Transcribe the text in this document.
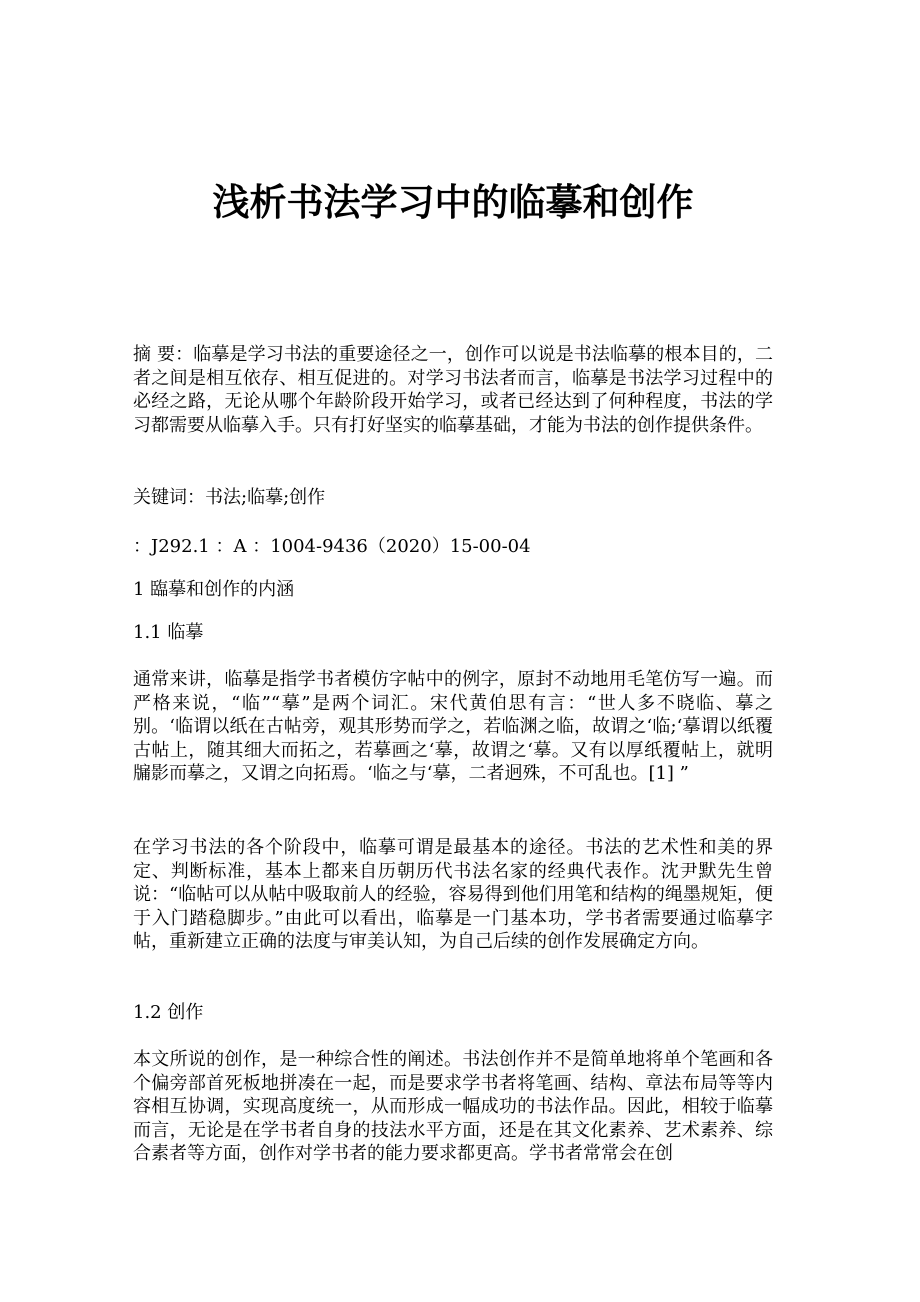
浅析书法学习中的临摹和创作

摘 要：临摹是学习书法的重要途径之一，创作可以说是书法临摹的根本目的，二者之间是相互依存、相互促进的。对学习书法者而言，临摹是书法学习过程中的必经之路，无论从哪个年龄阶段开始学习，或者已经达到了何种程度，书法的学习都需要从临摹入手。只有打好坚实的临摹基础，才能为书法的创作提供条件。

关键词：书法;临摹;创作

：J292.1 ：A ：1004-9436（2020）15-00-04

1 臨摹和创作的内涵

1.1 临摹

通常来讲，临摹是指学书者模仿字帖中的例字，原封不动地用毛笔仿写一遍。而严格来说，“临”“摹”是两个词汇。宋代黄伯思有言：“世人多不晓临、摹之别。‘临谓以纸在古帖旁，观其形势而学之，若临渊之临，故谓之‘临;‘摹谓以纸覆古帖上，随其细大而拓之，若摹画之‘摹，故谓之‘摹。又有以厚纸覆帖上，就明牖影而摹之，又谓之向拓焉。‘临之与‘摹，二者迥殊，不可乱也。[1] ”

在学习书法的各个阶段中，临摹可谓是最基本的途径。书法的艺术性和美的界定、判断标准，基本上都来自历朝历代书法名家的经典代表作。沈尹默先生曾说：“临帖可以从帖中吸取前人的经验，容易得到他们用笔和结构的绳墨规矩，便于入门踏稳脚步。”由此可以看出，临摹是一门基本功，学书者需要通过临摹字帖，重新建立正确的法度与审美认知，为自己后续的创作发展确定方向。

1.2 创作

本文所说的创作，是一种综合性的阐述。书法创作并不是简单地将单个笔画和各个偏旁部首死板地拼凑在一起，而是要求学书者将笔画、结构、章法布局等等内容相互协调，实现高度统一，从而形成一幅成功的书法作品。因此，相较于临摹而言，无论是在学书者自身的技法水平方面，还是在其文化素养、艺术素养、综合素者等方面，创作对学书者的能力要求都更高。学书者常常会在创
